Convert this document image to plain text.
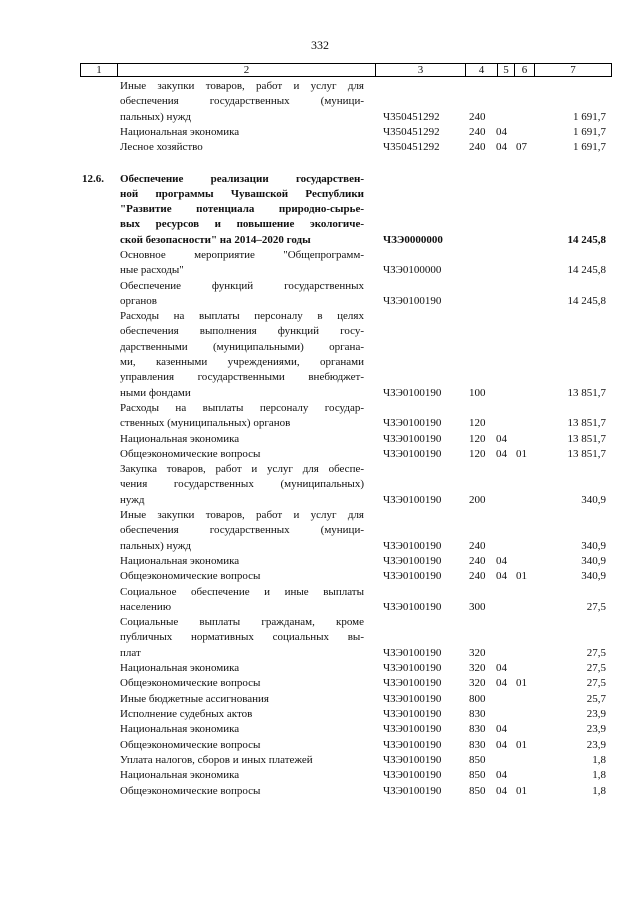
332
1	2	3	4	5	6	7
Иные закупки товаров, работ и услуг для
обеспечения государственных (муници-
пальных) нужд	Ч350451292	240	1 691,7
Национальная экономика	Ч350451292	240 04	1 691,7
Лесное хозяйство	Ч350451292	240 04 07	1 691,7
12.6.	Обеспечение реализации государствен-
ной программы Чувашской Республики
"Развитие потенциала природно-сырье-
вых ресурсов и повышение экологиче-
ской безопасности" на 2014–2020 годы	ЧЗЭ0000000	14 245,8
Основное мероприятие "Общепрограмм-
ные расходы"	ЧЗЭ0100000	14 245,8
Обеспечение функций государственных
органов	ЧЗЭ0100190	14 245,8
Расходы на выплаты персоналу в целях
обеспечения выполнения функций госу-
дарственными (муниципальными) органа-
ми, казенными учреждениями, органами
управления государственными внебюджет-
ными фондами	ЧЗЭ0100190	100	13 851,7
Расходы на выплаты персоналу государ-
ственных (муниципальных) органов	ЧЗЭ0100190	120	13 851,7
Национальная экономика	ЧЗЭ0100190	120 04	13 851,7
Общеэкономические вопросы	ЧЗЭ0100190	120 04 01	13 851,7
Закупка товаров, работ и услуг для обеспе-
чения государственных (муниципальных)
нужд	ЧЗЭ0100190	200	340,9
Иные закупки товаров, работ и услуг для
обеспечения государственных (муници-
пальных) нужд	ЧЗЭ0100190	240	340,9
Национальная экономика	ЧЗЭ0100190	240 04	340,9
Общеэкономические вопросы	ЧЗЭ0100190	240 04 01	340,9
Социальное обеспечение и иные выплаты
населению	ЧЗЭ0100190	300	27,5
Социальные выплаты гражданам, кроме
публичных нормативных социальных вы-
плат	ЧЗЭ0100190	320	27,5
Национальная экономика	ЧЗЭ0100190	320 04	27,5
Общеэкономические вопросы	ЧЗЭ0100190	320 04 01	27,5
Иные бюджетные ассигнования	ЧЗЭ0100190	800	25,7
Исполнение судебных актов	ЧЗЭ0100190	830	23,9
Национальная экономика	ЧЗЭ0100190	830 04	23,9
Общеэкономические вопросы	ЧЗЭ0100190	830 04 01	23,9
Уплата налогов, сборов и иных платежей	ЧЗЭ0100190	850	1,8
Национальная экономика	ЧЗЭ0100190	850 04	1,8
Общеэкономические вопросы	ЧЗЭ0100190	850 04 01	1,8
